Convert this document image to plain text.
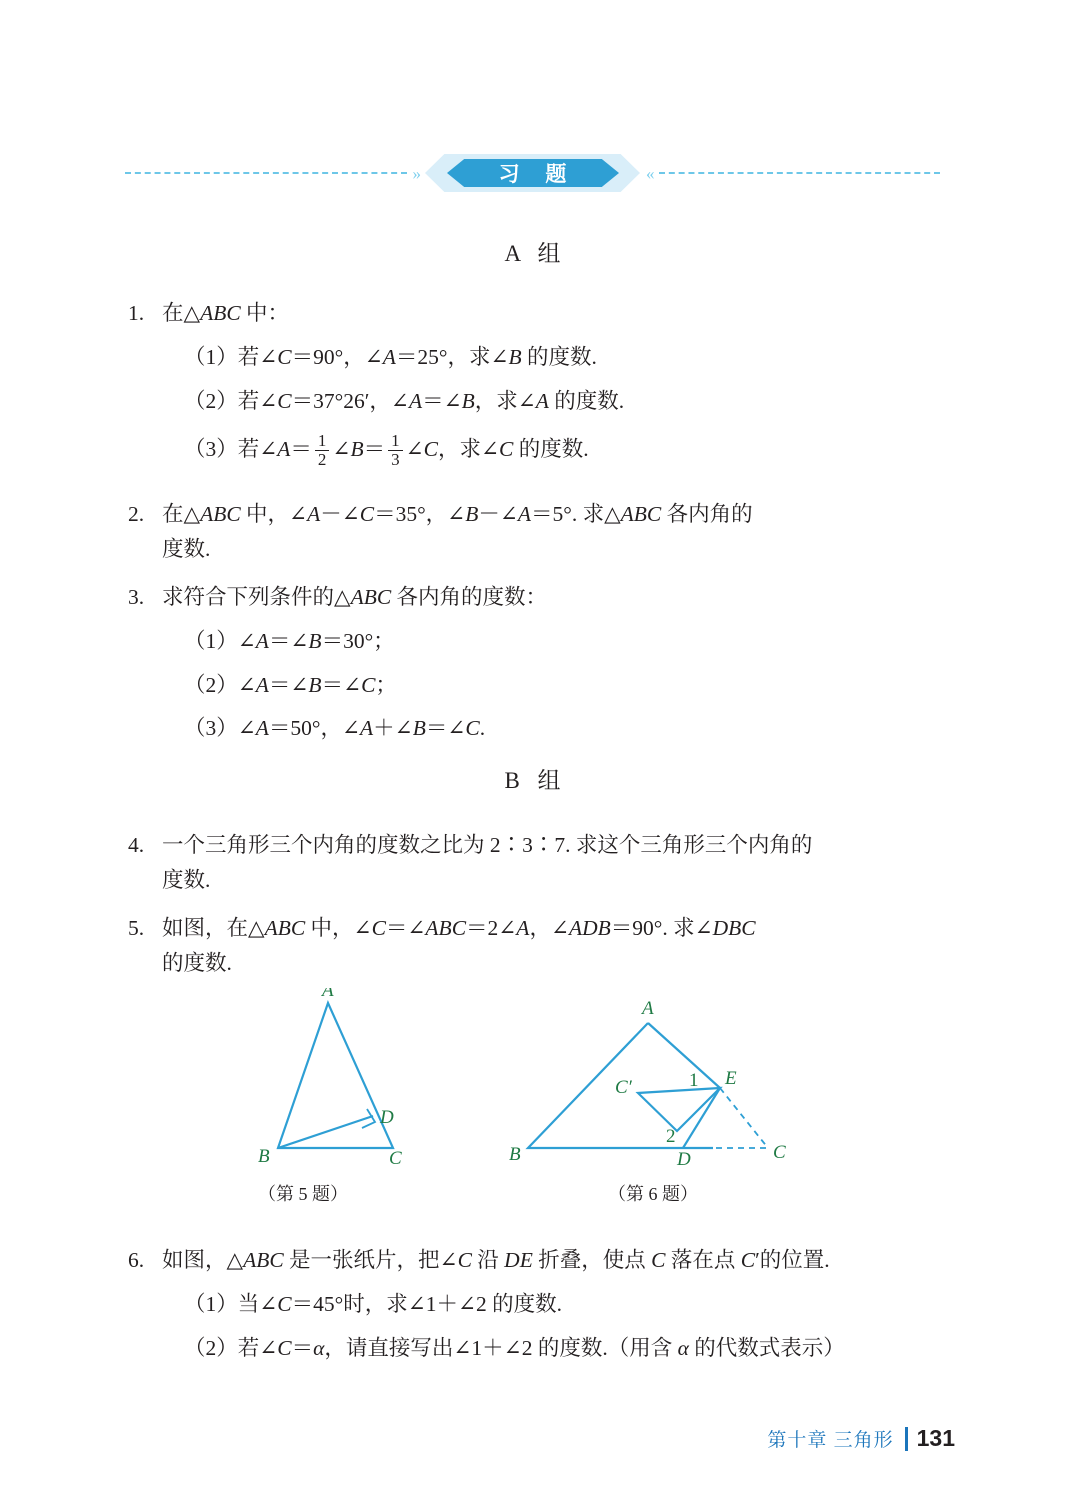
»	习 题	«
A 组
1. 在△ABC 中：
（1）若∠C＝90°，∠A＝25°，求∠B 的度数.
（2）若∠C＝37°26′，∠A＝∠B，求∠A 的度数.
（3）若∠A＝ $\frac{1}{2}$ ∠B＝ $\frac{1}{3}$ ∠C，求∠C 的度数.
2. 在△ABC 中，∠A－∠C＝35°，∠B－∠A＝5°. 求△ABC 各内角的
度数.
3. 求符合下列条件的△ABC 各内角的度数：
（1）∠A＝∠B＝30°；
（2）∠A＝∠B＝∠C；
（3）∠A＝50°，∠A＋∠B＝∠C.
B 组
4. 一个三角形三个内角的度数之比为 2∶3∶7. 求这个三角形三个内角的
度数.
5. 如图，在△ABC 中，∠C＝∠ABC＝2∠A，∠ADB＝90°. 求∠DBC
的度数.
A
B	C
D
A
B	C
C′	E
D
1
2
（第 5 题）	（第 6 题）
6. 如图，△ABC 是一张纸片，把∠C 沿 DE 折叠，使点 C 落在点 C′的位置.
（1）当∠C＝45°时，求∠1＋∠2 的度数.
（2）若∠C＝α，请直接写出∠1＋∠2 的度数.（用含 α 的代数式表示）
第十章 三角形 131
